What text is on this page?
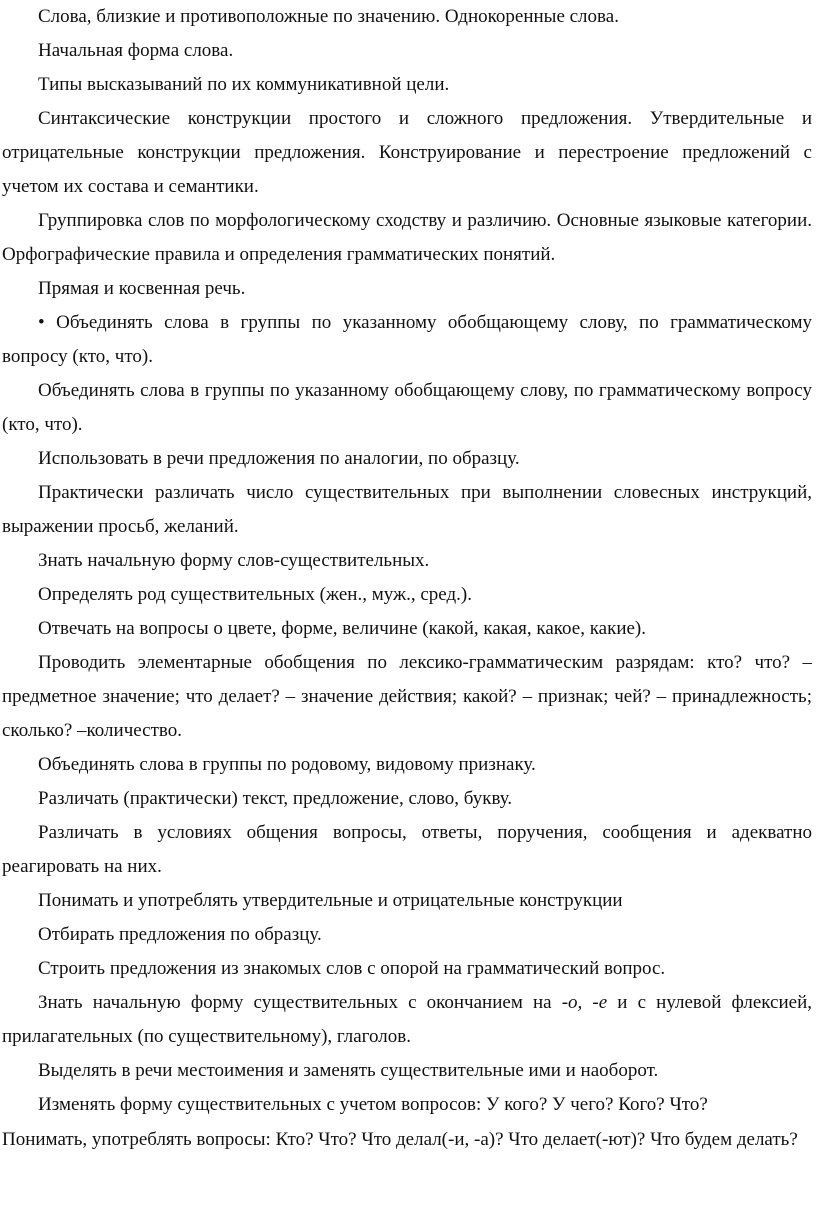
Слова, близкие и противоположные по значению. Однокоренные слова.

Начальная форма слова.

Типы высказываний по их коммуникативной цели.

Синтаксические конструкции простого и сложного предложения. Утвердительные и отрицательные конструкции предложения. Конструирование и перестроение предложений с учетом их состава и семантики.

Группировка слов по морфологическому сходству и различию. Основные языковые категории. Орфографические правила и определения грамматических понятий.

Прямая и косвенная речь.

• Объединять слова в группы по указанному обобщающему слову, по грамматическому вопросу (кто, что).

Объединять слова в группы по указанному обобщающему слову, по грамматическому вопросу (кто, что).

Использовать в речи предложения по аналогии, по образцу.

Практически различать число существительных при выполнении словесных инструкций, выражении просьб, желаний.

Знать начальную форму слов-существительных.

Определять род существительных (жен., муж., сред.).

Отвечать на вопросы о цвете, форме, величине (какой, какая, какое, какие).

Проводить элементарные обобщения по лексико-грамматическим разрядам: кто? что? – предметное значение; что делает? – значение действия; какой? – признак; чей? – принадлежность; сколько? –количество.

Объединять слова в группы по родовому, видовому признаку.

Различать (практически) текст, предложение, слово, букву.

Различать в условиях общения вопросы, ответы, поручения, сообщения и адекватно реагировать на них.

Понимать и употреблять утвердительные и отрицательные конструкции

Отбирать предложения по образцу.

Строить предложения из знакомых слов с опорой на грамматический вопрос.

Знать начальную форму существительных с окончанием на -о, -е и с нулевой флексией, прилагательных (по существительному), глаголов.

Выделять в речи местоимения и заменять существительные ими и наоборот.

Изменять форму существительных с учетом вопросов: У кого? У чего? Кого? Что?

Понимать, употреблять вопросы: Кто? Что? Что делал(-и, -а)? Что делает(-ют)? Что будем делать?
